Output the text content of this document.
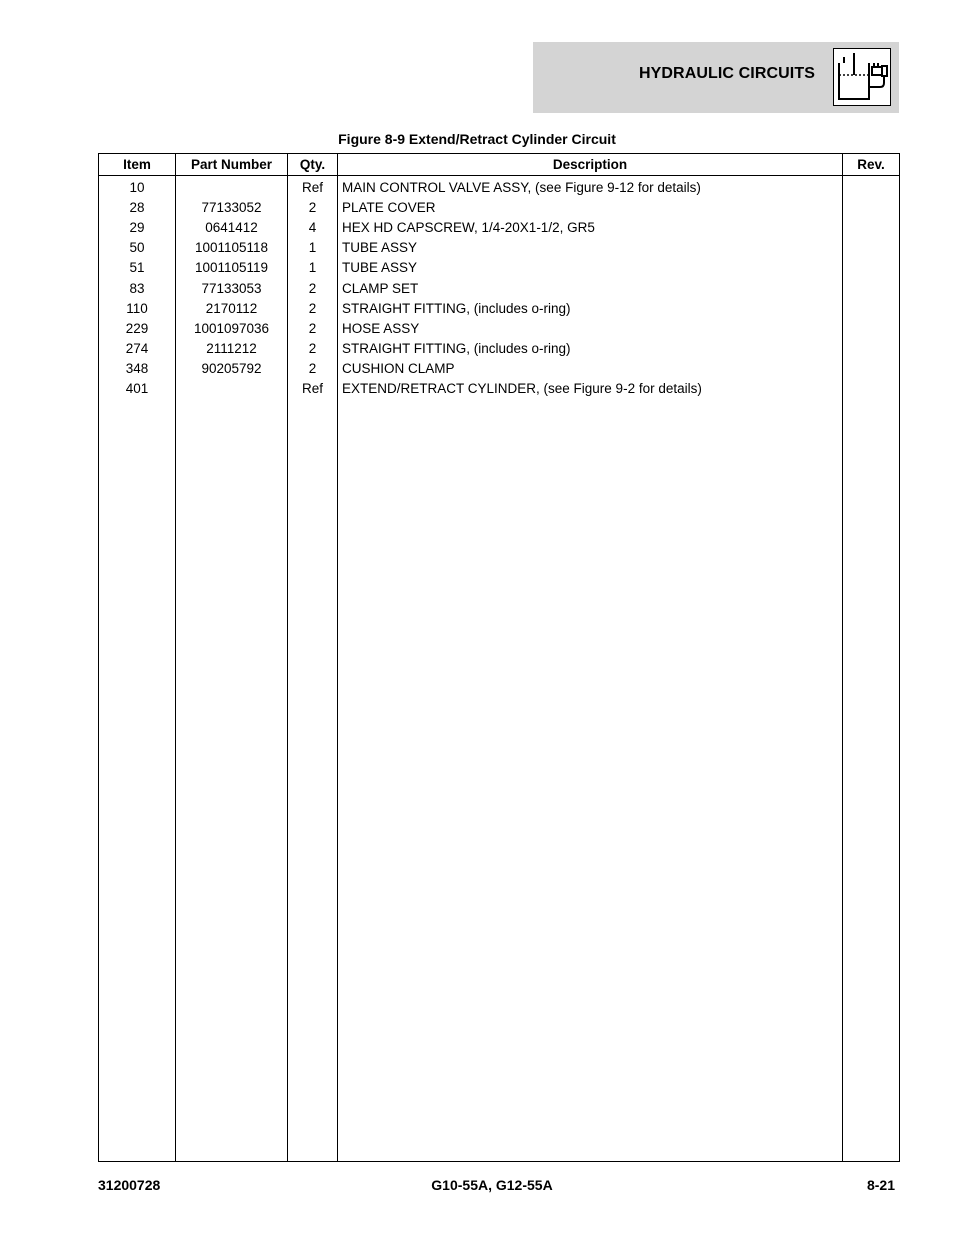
HYDRAULIC CIRCUITS
Figure 8-9 Extend/Retract Cylinder Circuit
Item	Part Number	Qty.	Description	Rev.
10		Ref	MAIN CONTROL VALVE ASSY, (see Figure 9-12 for details)	
28	77133052	2	PLATE COVER	
29	0641412	4	HEX HD CAPSCREW, 1/4-20X1-1/2, GR5	
50	1001105118	1	TUBE ASSY	
51	1001105119	1	TUBE ASSY	
83	77133053	2	CLAMP SET	
110	2170112	2	STRAIGHT FITTING, (includes o-ring)	
229	1001097036	2	HOSE ASSY	
274	2111212	2	STRAIGHT FITTING, (includes o-ring)	
348	90205792	2	CUSHION CLAMP	
401		Ref	EXTEND/RETRACT CYLINDER, (see Figure 9-2 for details)	

31200728	G10-55A, G12-55A	8-21
